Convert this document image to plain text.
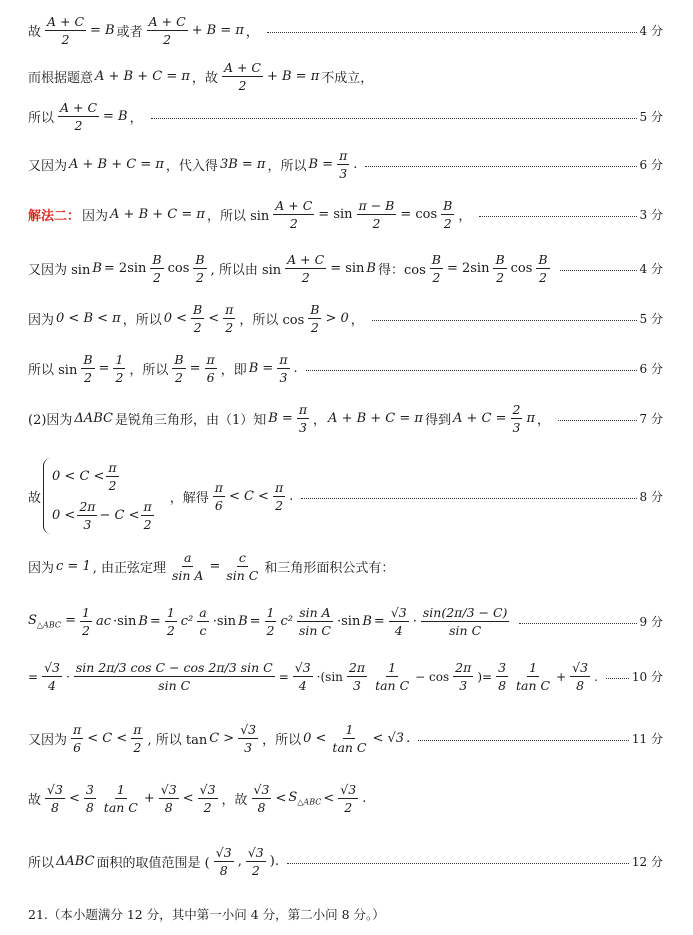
故 $\frac{A + C}{2} = B$ 或者 $\frac{A + C}{2} + B = \pi$ ，	4 分
而根据题意 A + B + C = π ，故 $\frac{A + C}{2} + B = \pi$ 不成立，
所以 $\frac{A + C}{2} = B$ ，	5 分
又因为 A + B + C = π ，代入得 3B = π ，所以 $B = \frac{\pi}{3}$ .	6 分
解法二： 因为 A + B + C = π ，所以 $\sin \frac{A + C}{2} = \sin \frac{\pi - B}{2} = \cos \frac{B}{2}$ ，	3 分
又因为 $\sin B = 2\sin \frac{B}{2}$ $\cos \frac{B}{2}$ , 所以由 $\sin \frac{A + C}{2} = \sin B$ 得：$\cos \frac{B}{2} = 2\sin \frac{B}{2}$ $\cos \frac{B}{2}$	4 分
因为 0 < B < π ，所以 $0 < \frac{B}{2} < \frac{\pi}{2}$ ，所以 $\cos \frac{B}{2} > 0$ ，	5 分
所以 $\sin \frac{B}{2} = \frac{1}{2}$ ，所以 $\frac{B}{2} = \frac{\pi}{6}$ ，即 $B = \frac{\pi}{3}$ .	6 分
(2)因为 ΔABC 是锐角三角形，由（1）知 $B = \frac{\pi}{3}$ ， A + B + C = π 得到 $A + C = \frac{2}{3}$ π ，	7 分
故
$0 < C < \frac{\pi}{2}$
$0 < \frac{2\pi}{3} - C < \frac{\pi}{2}$
，解得 $\frac{\pi}{6} < C < \frac{\pi}{2}$ .	8 分
因为 c = 1 , 由正弦定理 $\frac{a}{\text{sin A}} = \frac{c}{\text{sin C}}$ 和三角形面积公式有：
$S_{\triangle ABC} = \frac{1}{2}$ ac ·sin $B = \frac{1}{2} c^2 \frac{a}{c} \cdot\sin$ $B = \frac{1}{2} c^2 \frac{\text{sin A}}{\text{sin C}} \cdot\sin$ $B = \frac{√3}{4} \cdot \frac{\sin(2\pi/3 - C)}{\text{sin C}}$	9 分
= $\frac{√3}{4} \cdot \frac{\text{sin 2π/3 cos C − cos 2π/3 sin C}}{\text{sin C}} = \frac{√3}{4} \cdot(\sin \frac{2\pi}{3} \frac{1}{\text{tan C}} - \cos \frac{2\pi}{3}$ )= $\frac{3}{8} \frac{1}{\text{tan C}} + \frac{√3}{8}$ .	10 分
又因为 $\frac{\pi}{6} < C < \frac{\pi}{2}$ , 所以 $\tan C > \frac{√3}{3}$ ，所以 $0 < \frac{1}{\text{tan C}} < √3$ .	11 分
故 $\frac{√3}{8} < \frac{3}{8} \frac{1}{\text{tan C}} + \frac{√3}{8} < \frac{√3}{2}$ ，故 $\frac{√3}{8} < S_{\triangle ABC} < \frac{√3}{2}$ .
所以 ΔABC 面积的取值范围是 ( $\frac{√3}{8}$ , $\frac{√3}{2}$ ).	12 分
21.（本小题满分 12 分，其中第一小问 4 分，第二小问 8 分。）
